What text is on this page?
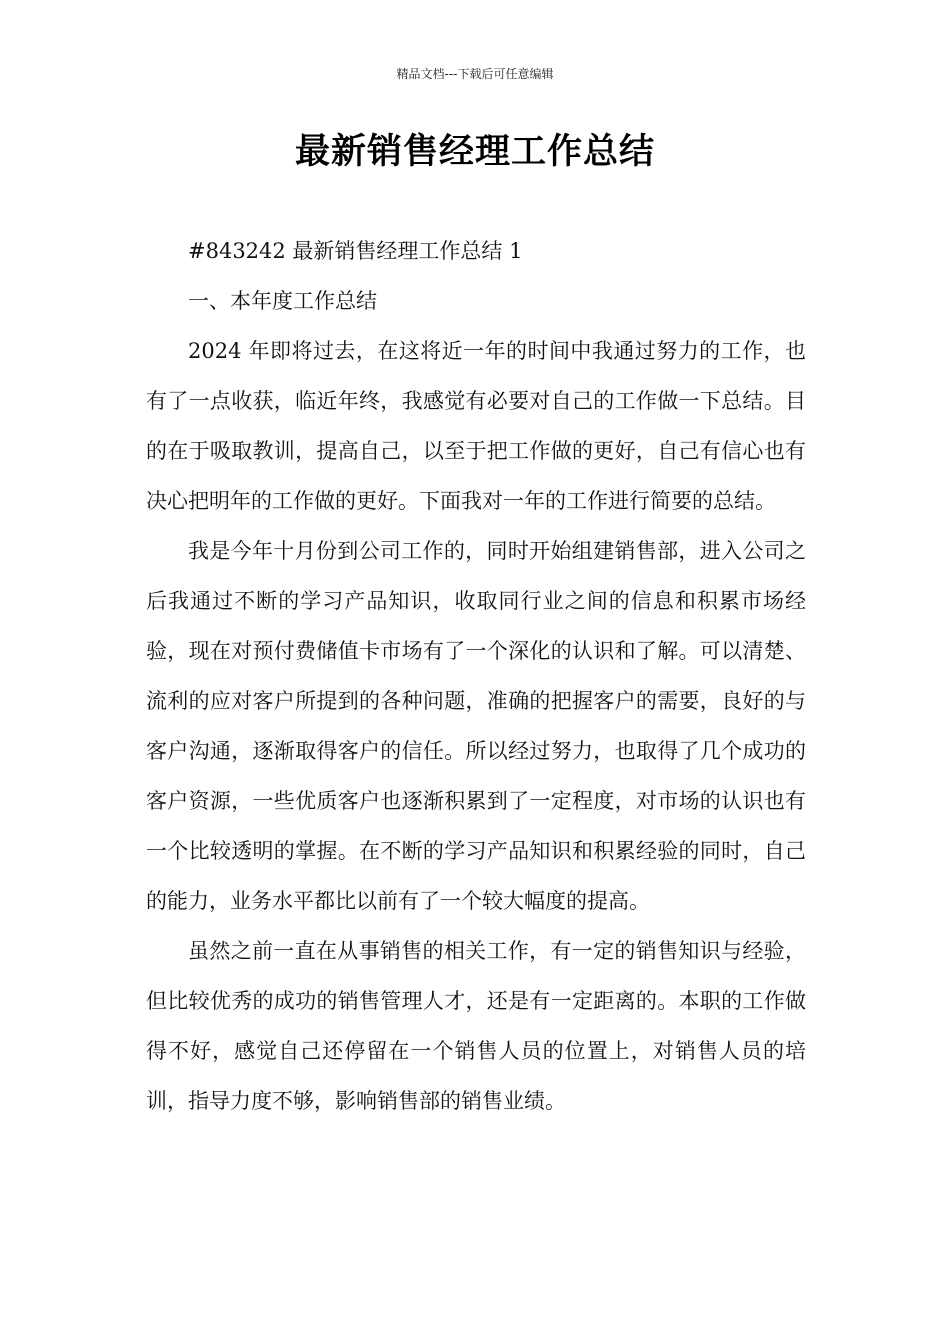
精品文档---下载后可任意编辑
最新销售经理工作总结

#843242 最新销售经理工作总结 1

一、本年度工作总结

2024 年即将过去，在这将近一年的时间中我通过努力的工作，也有了一点收获，临近年终，我感觉有必要对自己的工作做一下总结。目的在于吸取教训，提高自己，以至于把工作做的更好，自己有信心也有决心把明年的工作做的更好。下面我对一年的工作进行简要的总结。

我是今年十月份到公司工作的，同时开始组建销售部，进入公司之后我通过不断的学习产品知识，收取同行业之间的信息和积累市场经验，现在对预付费储值卡市场有了一个深化的认识和了解。可以清楚、流利的应对客户所提到的各种问题，准确的把握客户的需要，良好的与客户沟通，逐渐取得客户的信任。所以经过努力，也取得了几个成功的客户资源，一些优质客户也逐渐积累到了一定程度，对市场的认识也有一个比较透明的掌握。在不断的学习产品知识和积累经验的同时，自己的能力，业务水平都比以前有了一个较大幅度的提高。

虽然之前一直在从事销售的相关工作，有一定的销售知识与经验，但比较优秀的成功的销售管理人才，还是有一定距离的。本职的工作做得不好，感觉自己还停留在一个销售人员的位置上，对销售人员的培训，指导力度不够，影响销售部的销售业绩。
